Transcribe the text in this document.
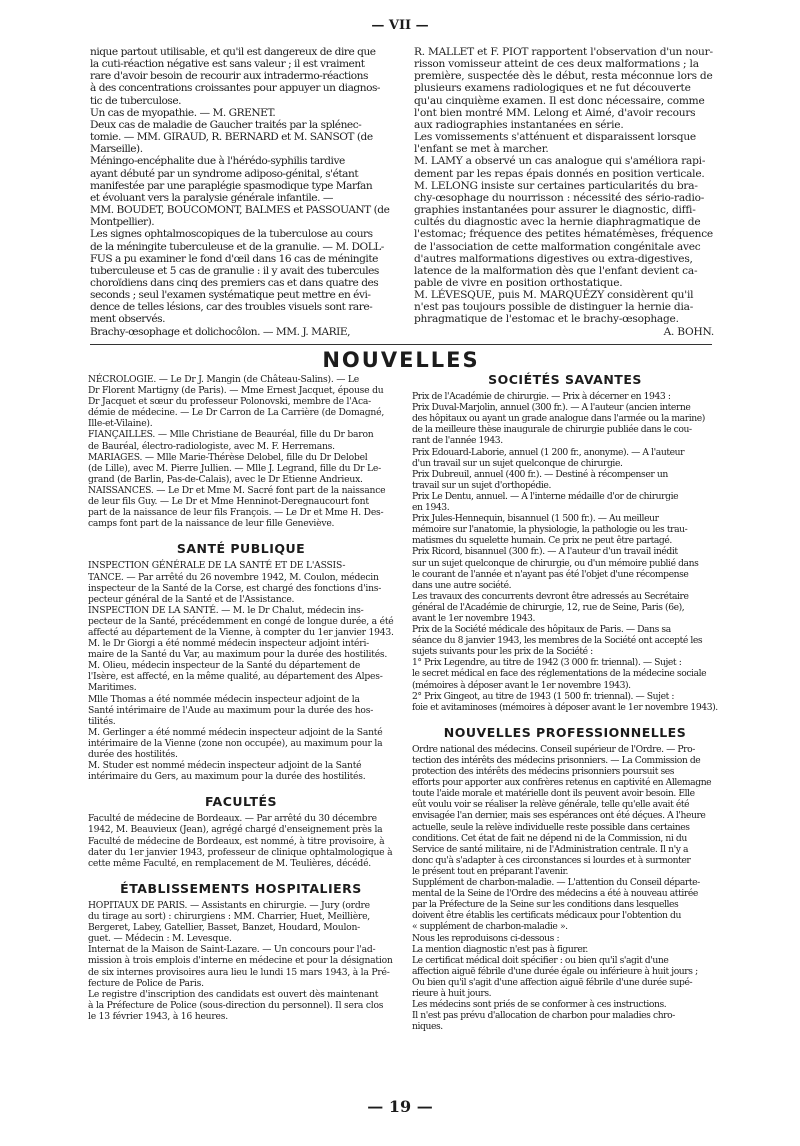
— VII —
nique partout utilisable, et qu'il est dangereux de dire que
la cuti-réaction négative est sans valeur ; il est vraiment
rare d'avoir besoin de recourir aux intradermo-réactions
à des concentrations croissantes pour appuyer un diagnos-
tic de tuberculose.
Un cas de myopathie. — M. GRENET.
Deux cas de maladie de Gaucher traités par la splénec-
tomie. — MM. GIRAUD, R. BERNARD et M. SANSOT (de
Marseille).
Méningo-encéphalite due à l'hérédo-syphilis tardive
ayant débuté par un syndrome adiposo-génital, s'étant
manifestée par une paraplégie spasmodique type Marfan
et évoluant vers la paralysie générale infantile. —
MM. BOUDET, BOUCOMONT, BALMES et PASSOUANT (de
Montpellier).
Les signes ophtalmoscopiques de la tuberculose au cours
de la méningite tuberculeuse et de la granulie. — M. DOLL-
FUS a pu examiner le fond d'œil dans 16 cas de méningite
tuberculeuse et 5 cas de granulie : il y avait des tubercules
choroïdiens dans cinq des premiers cas et dans quatre des
seconds ; seul l'examen systématique peut mettre en évi-
dence de telles lésions, car des troubles visuels sont rare-
ment observés.
Brachy-œsophage et dolichocôlon. — MM. J. MARIE,
R. MALLET et F. PIOT rapportent l'observation d'un nour-
risson vomisseur atteint de ces deux malformations ; la
première, suspectée dès le début, resta méconnue lors de
plusieurs examens radiologiques et ne fut découverte
qu'au cinquième examen. Il est donc nécessaire, comme
l'ont bien montré MM. Lelong et Aimé, d'avoir recours
aux radiographies instantanées en série.
Les vomissements s'atténuent et disparaissent lorsque
l'enfant se met à marcher.
M. LAMY a observé un cas analogue qui s'améliora rapi-
dement par les repas épais donnés en position verticale.
M. LELONG insiste sur certaines particularités du bra-
chy-œsophage du nourrisson : nécessité des sério-radio-
graphies instantanées pour assurer le diagnostic, diffi-
cultés du diagnostic avec la hernie diaphragmatique de
l'estomac; fréquence des petites hématémèses, fréquence
de l'association de cette malformation congénitale avec
d'autres malformations digestives ou extra-digestives,
latence de la malformation dès que l'enfant devient ca-
pable de vivre en position orthostatique.
M. LÉVESQUE, puis M. MARQUÉZY considèrent qu'il
n'est pas toujours possible de distinguer la hernie dia-
phragmatique de l'estomac et le brachy-œsophage.
A. BOHN.
NOUVELLES
NÉCROLOGIE. — Le Dr J. Mangin (de Château-Salins). — Le
Dr Florent Martigny (de Paris). — Mme Ernest Jacquet, épouse du
Dr Jacquet et sœur du professeur Polonovski, membre de l'Aca-
démie de médecine. — Le Dr Carron de La Carrière (de Domagné,
Ille-et-Vilaine).
FIANÇAILLES. — Mlle Christiane de Beauréal, fille du Dr baron
de Bauréal, électro-radiologiste, avec M. F. Herremans.
MARIAGES. — Mlle Marie-Thérèse Delobel, fille du Dr Delobel
(de Lille), avec M. Pierre Jullien. — Mlle J. Legrand, fille du Dr Le-
grand (de Barlin, Pas-de-Calais), avec le Dr Etienne Andrieux.
NAISSANCES. — Le Dr et Mme M. Sacré font part de la naissance
de leur fils Guy. — Le Dr et Mme Henninot-Deregnaucourt font
part de la naissance de leur fils François. — Le Dr et Mme H. Des-
camps font part de la naissance de leur fille Geneviève.
SANTÉ PUBLIQUE
INSPECTION GÉNÉRALE DE LA SANTÉ ET DE L'ASSIS-
TANCE. — Par arrêté du 26 novembre 1942, M. Coulon, médecin
inspecteur de la Santé de la Corse, est chargé des fonctions d'ins-
pecteur général de la Santé et de l'Assistance.
INSPECTION DE LA SANTÉ. — M. le Dr Chalut, médecin ins-
pecteur de la Santé, précédemment en congé de longue durée, a été
affecté au département de la Vienne, à compter du 1er janvier 1943.
M. le Dr Giorgi a été nommé médecin inspecteur adjoint intéri-
maire de la Santé du Var, au maximum pour la durée des hostilités.
M. Olieu, médecin inspecteur de la Santé du département de
l'Isère, est affecté, en la même qualité, au département des Alpes-
Maritimes.
Mlle Thomas a été nommée médecin inspecteur adjoint de la
Santé intérimaire de l'Aude au maximum pour la durée des hos-
tilités.
M. Gerlinger a été nommé médecin inspecteur adjoint de la Santé
intérimaire de la Vienne (zone non occupée), au maximum pour la
durée des hostilités.
M. Studer est nommé médecin inspecteur adjoint de la Santé
intérimaire du Gers, au maximum pour la durée des hostilités.
FACULTÉS
Faculté de médecine de Bordeaux. — Par arrêté du 30 décembre
1942, M. Beauvieux (Jean), agrégé chargé d'enseignement près la
Faculté de médecine de Bordeaux, est nommé, à titre provisoire, à
dater du 1er janvier 1943, professeur de clinique ophtalmologique à
cette même Faculté, en remplacement de M. Teulières, décédé.
ÉTABLISSEMENTS HOSPITALIERS
HOPITAUX DE PARIS. — Assistants en chirurgie. — Jury (ordre
du tirage au sort) : chirurgiens : MM. Charrier, Huet, Meillière,
Bergeret, Labey, Gatellier, Basset, Banzet, Houdard, Moulon-
guet. — Médecin : M. Levesque.
Internat de la Maison de Saint-Lazare. — Un concours pour l'ad-
mission à trois emplois d'interne en médecine et pour la désignation
de six internes provisoires aura lieu le lundi 15 mars 1943, à la Pré-
fecture de Police de Paris.
Le registre d'inscription des candidats est ouvert dès maintenant
à la Préfecture de Police (sous-direction du personnel). Il sera clos
le 13 février 1943, à 16 heures.
SOCIÉTÉS SAVANTES
Prix de l'Académie de chirurgie. — Prix à décerner en 1943 :
Prix Duval-Marjolin, annuel (300 fr.). — A l'auteur (ancien interne
des hôpitaux ou ayant un grade analogue dans l'armée ou la marine)
de la meilleure thèse inaugurale de chirurgie publiée dans le cou-
rant de l'année 1943.
Prix Edouard-Laborie, annuel (1 200 fr., anonyme). — A l'auteur
d'un travail sur un sujet quelconque de chirurgie.
Prix Dubreuil, annuel (400 fr.). — Destiné à récompenser un
travail sur un sujet d'orthopédie.
Prix Le Dentu, annuel. — A l'interne médaille d'or de chirurgie
en 1943.
Prix Jules-Hennequin, bisannuel (1 500 fr.). — Au meilleur
mémoire sur l'anatomie, la physiologie, la pathologie ou les trau-
matismes du squelette humain. Ce prix ne peut être partagé.
Prix Ricord, bisannuel (300 fr.). — A l'auteur d'un travail inédit
sur un sujet quelconque de chirurgie, ou d'un mémoire publié dans
le courant de l'année et n'ayant pas été l'objet d'une récompense
dans une autre société.
Les travaux des concurrents devront être adressés au Secrétaire
général de l'Académie de chirurgie, 12, rue de Seine, Paris (6e),
avant le 1er novembre 1943.
Prix de la Société médicale des hôpitaux de Paris. — Dans sa
séance du 8 janvier 1943, les membres de la Société ont accepté les
sujets suivants pour les prix de la Société :
1° Prix Legendre, au titre de 1942 (3 000 fr. triennal). — Sujet :
le secret médical en face des réglementations de la médecine sociale
(mémoires à déposer avant le 1er novembre 1943).
2° Prix Gingeot, au titre de 1943 (1 500 fr. triennal). — Sujet :
foie et avitaminoses (mémoires à déposer avant le 1er novembre 1943).
NOUVELLES PROFESSIONNELLES
Ordre national des médecins. Conseil supérieur de l'Ordre. — Pro-
tection des intérêts des médecins prisonniers. — La Commission de
protection des intérêts des médecins prisonniers poursuit ses
efforts pour apporter aux confrères retenus en captivité en Allemagne
toute l'aide morale et matérielle dont ils peuvent avoir besoin. Elle
eût voulu voir se réaliser la relève générale, telle qu'elle avait été
envisagée l'an dernier, mais ses espérances ont été déçues. A l'heure
actuelle, seule la relève individuelle reste possible dans certaines
conditions. Cet état de fait ne dépend ni de la Commission, ni du
Service de santé militaire, ni de l'Administration centrale. Il n'y a
donc qu'à s'adapter à ces circonstances si lourdes et à surmonter
le présent tout en préparant l'avenir.
Supplément de charbon-maladie. — L'attention du Conseil départe-
mental de la Seine de l'Ordre des médecins a été à nouveau attirée
par la Préfecture de la Seine sur les conditions dans lesquelles
doivent être établis les certificats médicaux pour l'obtention du
« supplément de charbon-maladie ».
Nous les reproduisons ci-dessous :
La mention diagnostic n'est pas à figurer.
Le certificat médical doit spécifier : ou bien qu'il s'agit d'une
affection aiguë fébrile d'une durée égale ou inférieure à huit jours ;
Ou bien qu'il s'agit d'une affection aiguë fébrile d'une durée supé-
rieure à huit jours.
Les médecins sont priés de se conformer à ces instructions.
Il n'est pas prévu d'allocation de charbon pour maladies chro-
niques.
— 19 —
